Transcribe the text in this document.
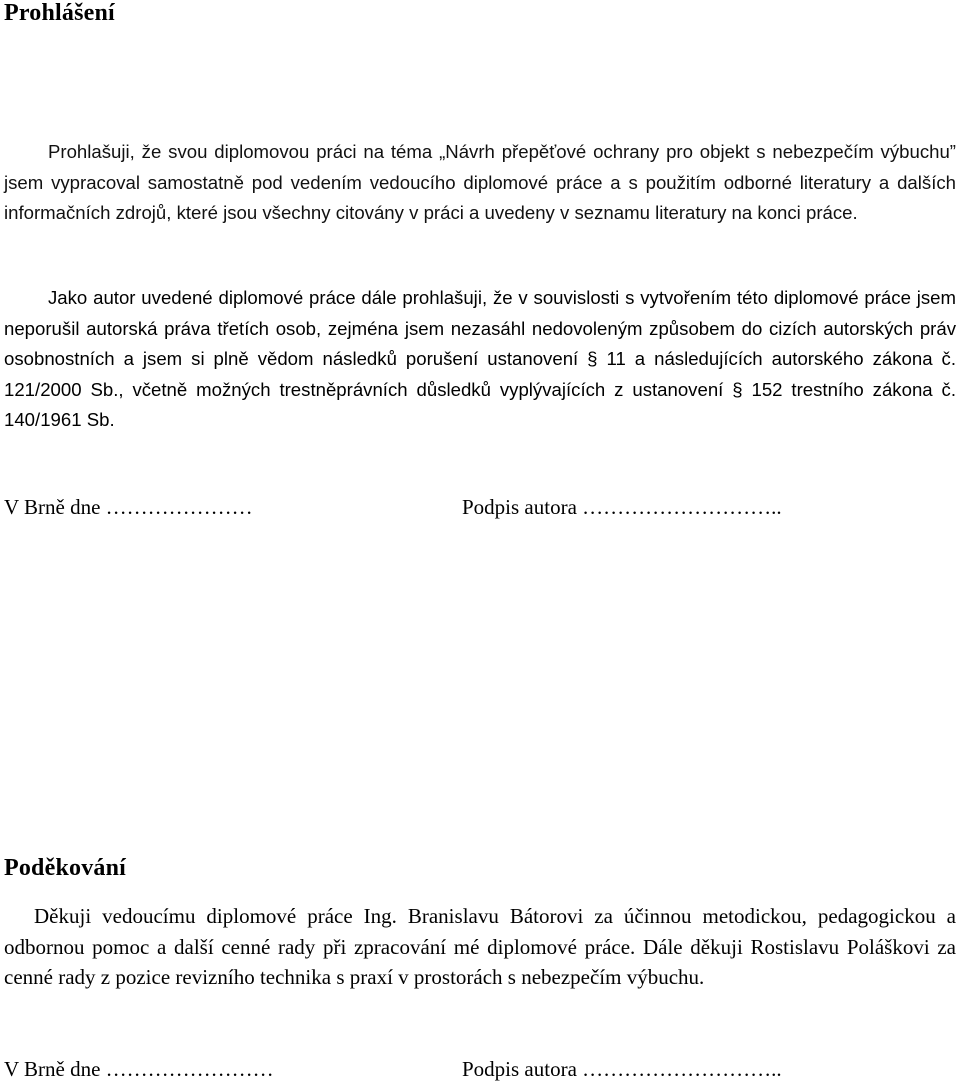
Prohlášení

Prohlašuji, že svou diplomovou práci na téma „Návrh přepěťové ochrany pro objekt s nebezpečím výbuchu” jsem vypracoval samostatně pod vedením vedoucího diplomové práce a s použitím odborné literatury a dalších informačních zdrojů, které jsou všechny citovány v práci a uvedeny v seznamu literatury na konci práce.

Jako autor uvedené diplomové práce dále prohlašuji, že v souvislosti s vytvořením této diplomové práce jsem neporušil autorská práva třetích osob, zejména jsem nezasáhl nedovoleným způsobem do cizích autorských práv osobnostních a jsem si plně vědom následků porušení ustanovení § 11 a následujících autorského zákona č. 121/2000 Sb., včetně možných trestněprávních důsledků vyplývajících z ustanovení § 152 trestního zákona č. 140/1961 Sb.

V Brně dne …………………	Podpis autora ………………………..
Poděkování

Děkuji vedoucímu diplomové práce Ing. Branislavu Bátorovi za účinnou metodickou, pedagogickou a odbornou pomoc a další cenné rady při zpracování mé diplomové práce. Dále děkuji Rostislavu Poláškovi za cenné rady z pozice revizního technika s praxí v prostorách s nebezpečím výbuchu.

V Brně dne ……………………	Podpis autora ………………………..
